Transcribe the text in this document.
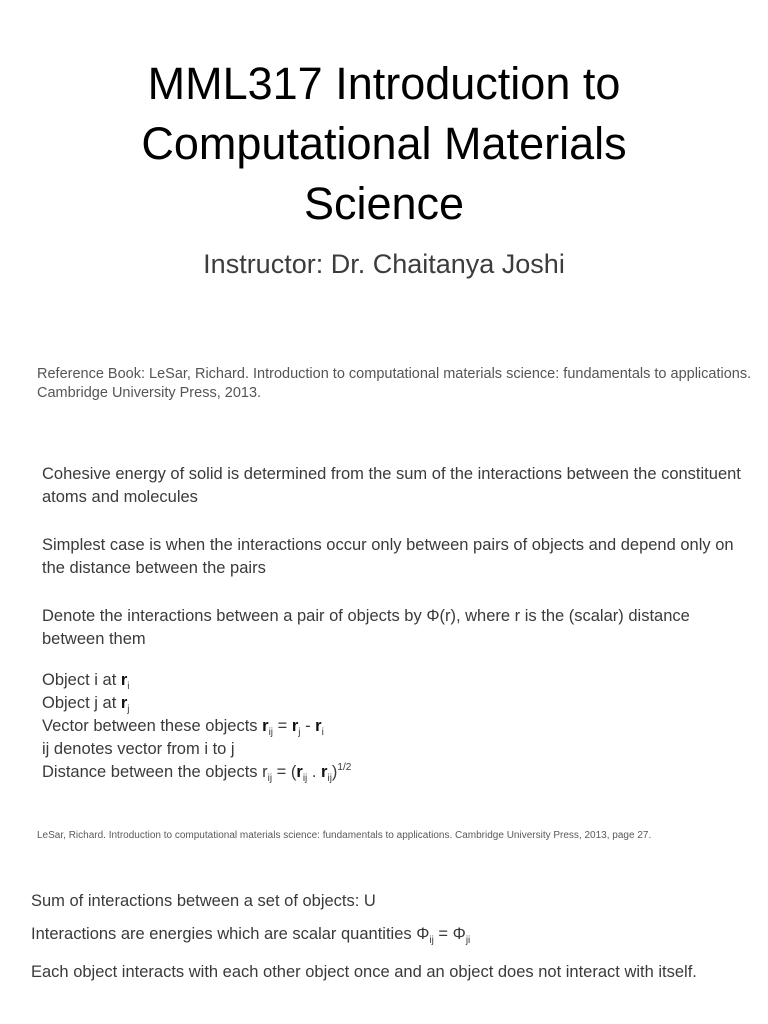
MML317 Introduction to
Computational Materials
Science
Instructor: Dr. Chaitanya Joshi
Reference Book: LeSar, Richard. Introduction to computational materials science: fundamentals to applications. Cambridge University Press, 2013.

Cohesive energy of solid is determined from the sum of the interactions between the constituent atoms and molecules

Simplest case is when the interactions occur only between pairs of objects and depend only on the distance between the pairs

Denote the interactions between a pair of objects by Φ(r), where r is the (scalar) distance between them

Object i at $r_i$
Object j at $r_j$
Vector between these objects $r_{ij} = r_j - r_i$
ij denotes vector from i to j
Distance between the objects $r_{ij} = (r_{ij}$ . $r_{ij})^{1/2}$
LeSar, Richard. Introduction to computational materials science: fundamentals to applications. Cambridge University Press, 2013, page 27.

Sum of interactions between a set of objects: U

Interactions are energies which are scalar quantities $\Phi_{ij} = \Phi_{ji}$

Each object interacts with each other object once and an object does not interact with itself.
